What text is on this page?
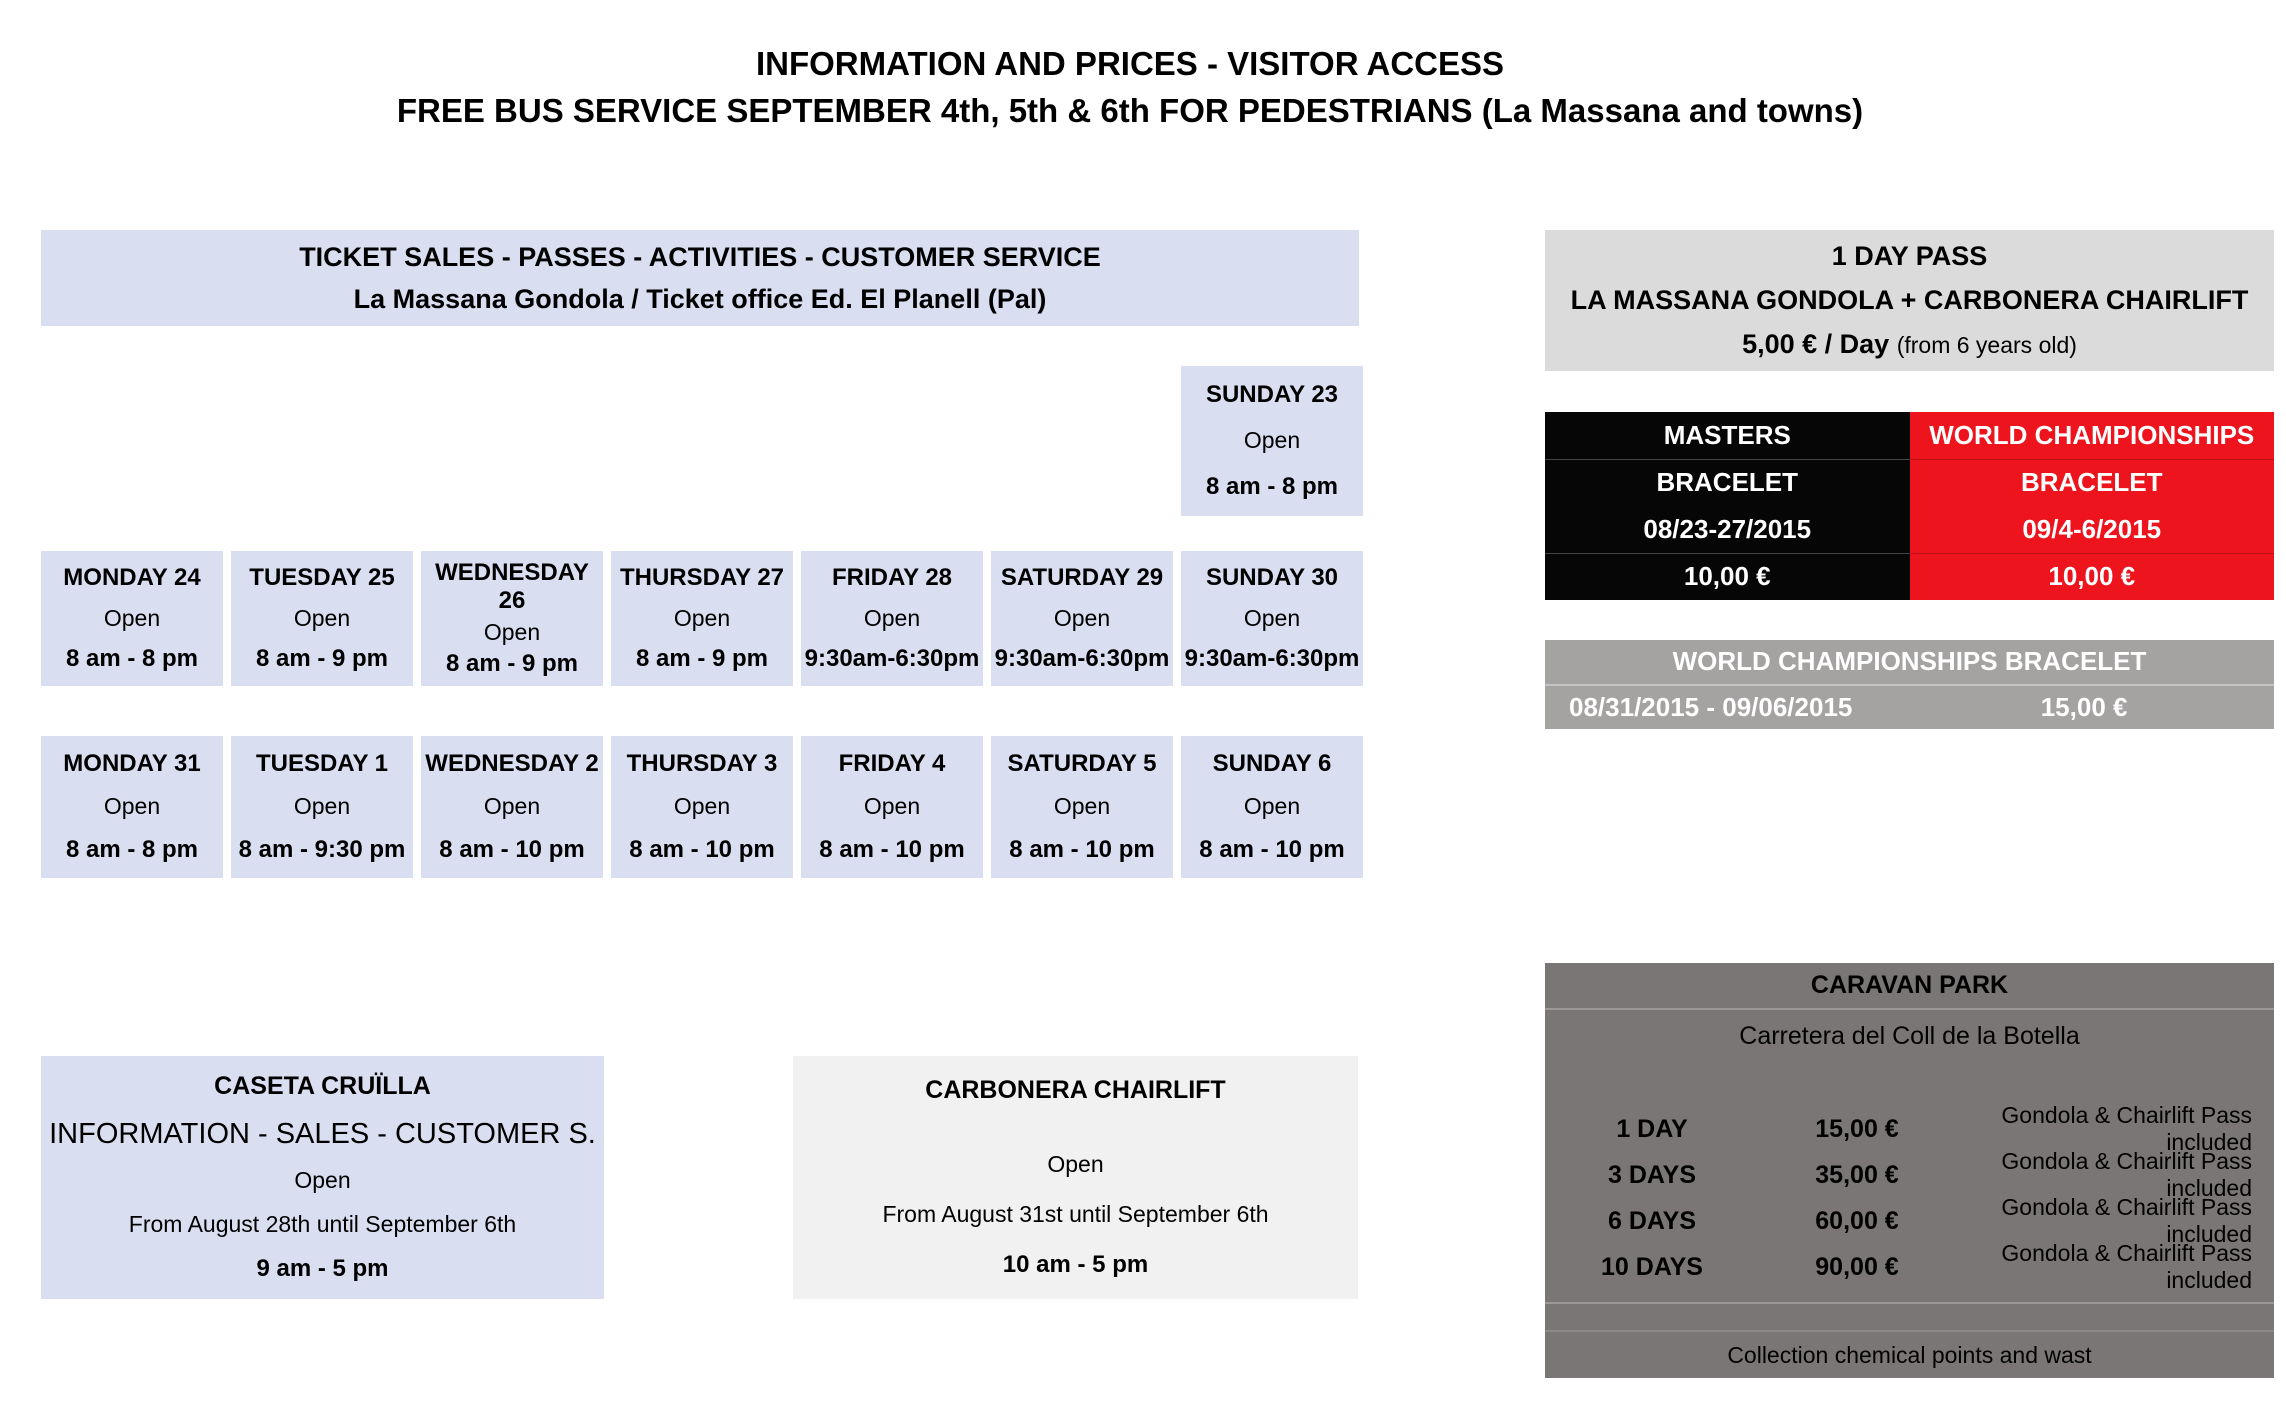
INFORMATION AND PRICES - VISITOR ACCESS
FREE BUS SERVICE SEPTEMBER 4th, 5th & 6th FOR PEDESTRIANS (La Massana and towns)
TICKET SALES - PASSES - ACTIVITIES - CUSTOMER SERVICE
La Massana Gondola / Ticket office Ed. El Planell (Pal)
SUNDAY 23
Open
8 am - 8 pm
MONDAY 24
Open
8 am - 8 pm
TUESDAY 25
Open
8 am - 9 pm
WEDNESDAY 26
Open
8 am - 9 pm
THURSDAY 27
Open
8 am - 9 pm
FRIDAY 28
Open
9:30am-6:30pm
SATURDAY 29
Open
9:30am-6:30pm
SUNDAY 30
Open
9:30am-6:30pm
MONDAY 31
Open
8 am - 8 pm
TUESDAY 1
Open
8 am - 9:30 pm
WEDNESDAY 2
Open
8 am - 10 pm
THURSDAY 3
Open
8 am - 10 pm
FRIDAY 4
Open
8 am - 10 pm
SATURDAY 5
Open
8 am - 10 pm
SUNDAY 6
Open
8 am - 10 pm
1 DAY PASS
LA MASSANA GONDOLA + CARBONERA CHAIRLIFT
5,00 € / Day (from 6 years old)
MASTERS
BRACELET
08/23-27/2015
10,00 €
WORLD CHAMPIONSHIPS
BRACELET
09/4-6/2015
10,00 €
WORLD CHAMPIONSHIPS BRACELET
08/31/2015 - 09/06/2015	15,00 €
CASETA CRUÏLLA
INFORMATION - SALES - CUSTOMER S.
Open
From August 28th until September 6th
9 am - 5 pm
CARBONERA CHAIRLIFT
Open
From August 31st until September 6th
10 am - 5 pm
CARAVAN PARK
Carretera del Coll de la Botella
1 DAY	15,00 €	Gondola & Chairlift Pass included
3 DAYS	35,00 €	Gondola & Chairlift Pass included
6 DAYS	60,00 €	Gondola & Chairlift Pass included
10 DAYS	90,00 €	Gondola & Chairlift Pass included
Collection chemical points and wast
